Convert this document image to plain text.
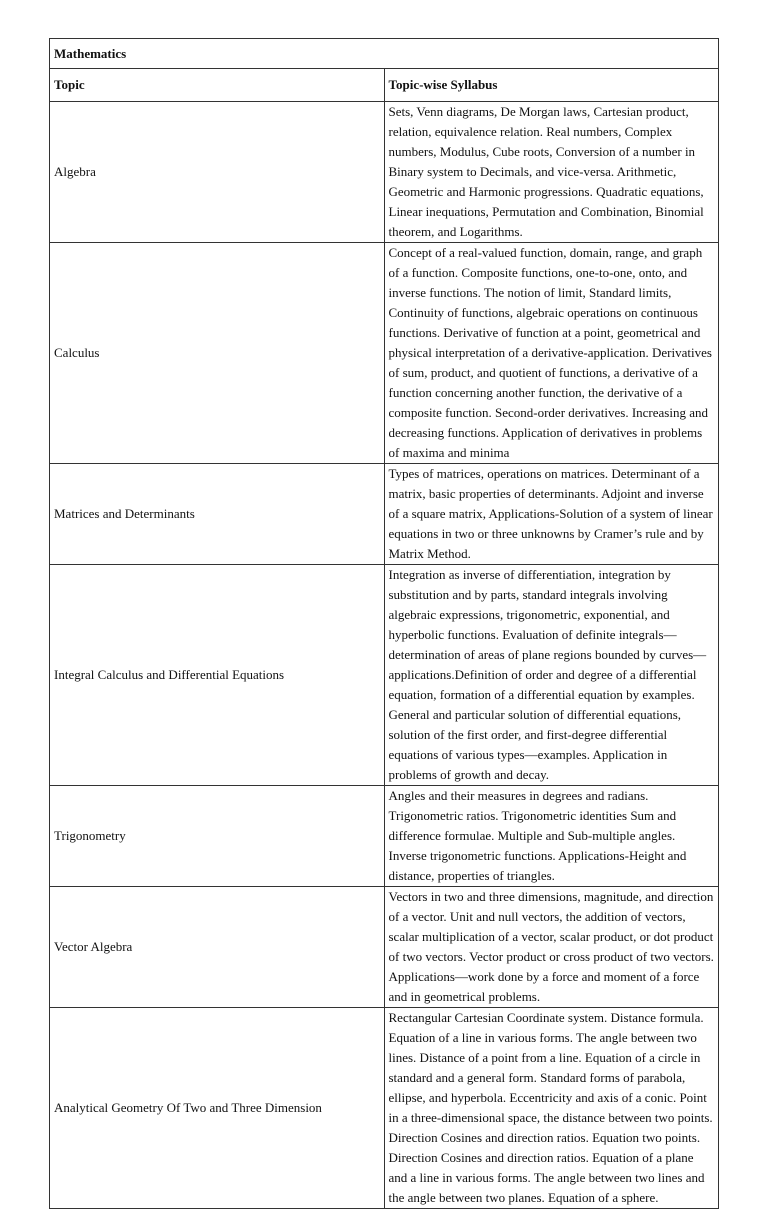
Mathematics	
Topic	Topic-wise Syllabus
Algebra	Sets, Venn diagrams, De Morgan laws, Cartesian product, relation, equivalence relation. Real numbers, Complex numbers, Modulus, Cube roots, Conversion of a number in Binary system to Decimals, and vice-versa. Arithmetic, Geometric and Harmonic progressions. Quadratic equations, Linear inequations, Permutation and Combination, Binomial theorem, and Logarithms.
Calculus	Concept of a real-valued function, domain, range, and graph of a function. Composite functions, one-to-one, onto, and inverse functions. The notion of limit, Standard limits, Continuity of functions, algebraic operations on continuous functions. Derivative of function at a point, geometrical and physical interpretation of a derivative-application. Derivatives of sum, product, and quotient of functions, a derivative of a function concerning another function, the derivative of a composite function. Second-order derivatives. Increasing and decreasing functions. Application of derivatives in problems of maxima and minima
Matrices and Determinants	Types of matrices, operations on matrices. Determinant of a matrix, basic properties of determinants. Adjoint and inverse of a square matrix, Applications-Solution of a system of linear equations in two or three unknowns by Cramer’s rule and by Matrix Method.
Integral Calculus and Differential Equations	Integration as inverse of differentiation, integration by substitution and by parts, standard integrals involving algebraic expressions, trigonometric, exponential, and hyperbolic functions. Evaluation of definite integrals—determination of areas of plane regions bounded by curves—applications.Definition of order and degree of a differential equation, formation of a differential equation by examples. General and particular solution of differential equations, solution of the first order, and first-degree differential equations of various types—examples. Application in problems of growth and decay.
Trigonometry	Angles and their measures in degrees and radians. Trigonometric ratios. Trigonometric identities Sum and difference formulae. Multiple and Sub-multiple angles. Inverse trigonometric functions. Applications-Height and distance, properties of triangles.
Vector Algebra	Vectors in two and three dimensions, magnitude, and direction of a vector. Unit and null vectors, the addition of vectors, scalar multiplication of a vector, scalar product, or dot product of two vectors. Vector product or cross product of two vectors. Applications—work done by a force and moment of a force and in geometrical problems.
Analytical Geometry Of Two and Three Dimension	Rectangular Cartesian Coordinate system. Distance formula. Equation of a line in various forms. The angle between two lines. Distance of a point from a line. Equation of a circle in standard and a general form. Standard forms of parabola, ellipse, and hyperbola. Eccentricity and axis of a conic. Point in a three-dimensional space, the distance between two points. Direction Cosines and direction ratios. Equation two points. Direction Cosines and direction ratios. Equation of a plane and a line in various forms. The angle between two lines and the angle between two planes. Equation of a sphere.
